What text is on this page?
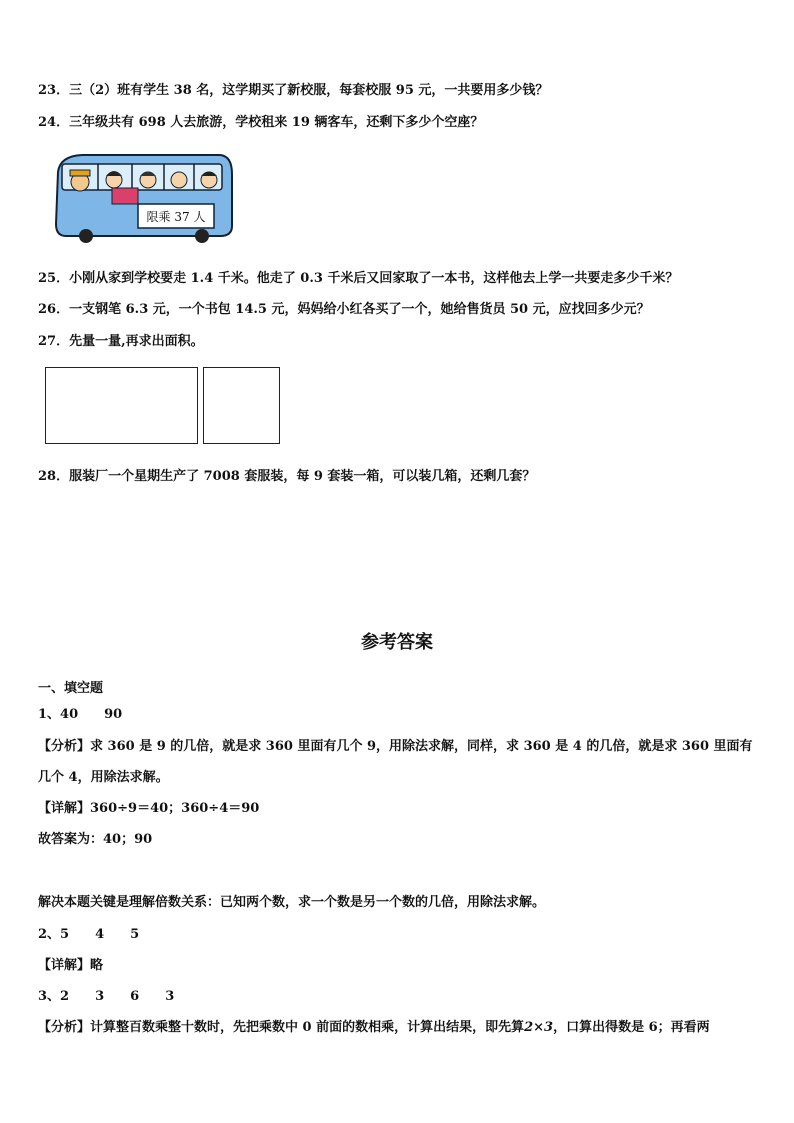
23．三（2）班有学生 38 名，这学期买了新校服，每套校服 95 元，一共要用多少钱？
24．三年级共有 698 人去旅游，学校租来 19 辆客车，还剩下多少个空座？
限乘 37 人
25．小刚从家到学校要走 1.4 千米。他走了 0.3 千米后又回家取了一本书，这样他去上学一共要走多少千米？
26．一支钢笔 6.3 元，一个书包 14.5 元，妈妈给小红各买了一个，她给售货员 50 元，应找回多少元？
27．先量一量,再求出面积。
28．服装厂一个星期生产了 7008 套服装，每 9 套装一箱，可以装几箱，还剩几套？
参考答案
一、填空题
1、40 90
【分析】求 360 是 9 的几倍，就是求 360 里面有几个 9，用除法求解，同样，求 360 是 4 的几倍，就是求 360 里面有
几个 4，用除法求解。
【详解】360÷9＝40；360÷4＝90
故答案为：40；90
解决本题关键是理解倍数关系：已知两个数，求一个数是另一个数的几倍，用除法求解。
2、5 4 5
【详解】略
3、2 3 6 3
【分析】计算整百数乘整十数时，先把乘数中 0 前面的数相乘，计算出结果，即先算2×3，口算出得数是 6；再看两
